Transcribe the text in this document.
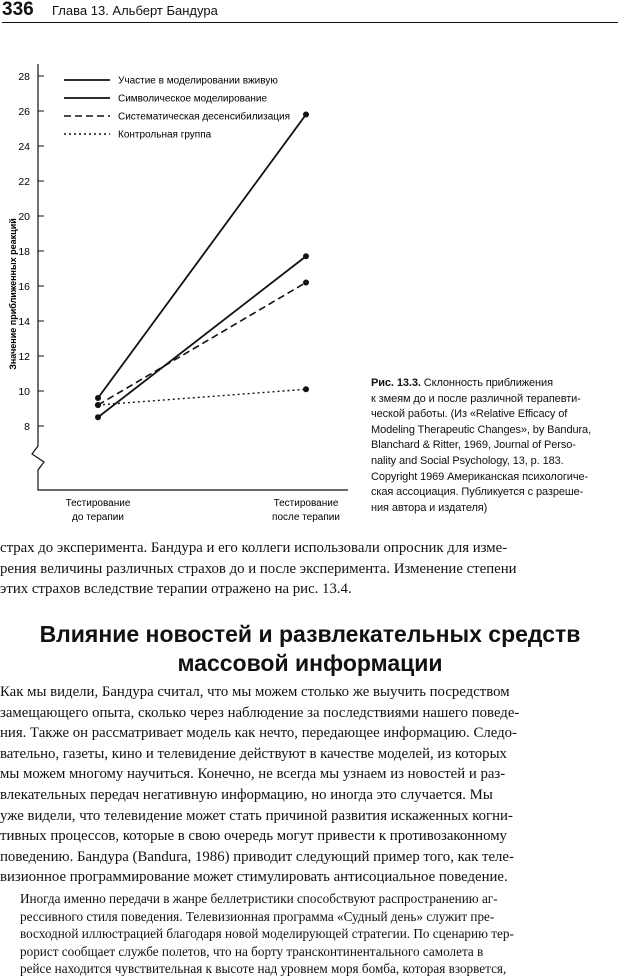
336 Глава 13. Альберт Бандура
8
10
12
14
16
18
20
22
24
26
28	Участие в моделировании вживую
Символическое моделирование
Систематическая десенсибилизация
Контрольная группа
Тестирование
до терапии
Тестирование
после терапии
Значение приближенных реакций
Рис. 13.3. Склонность приближения
к змеям до и после различной терапевти-
ческой работы. (Из «Relative Efficacy of
Modeling Therapeutic Changes», by Bandura,
Blanchard & Ritter, 1969, Journal of Perso-
nality and Social Psychology, 13, p. 183.
Copyright 1969 Американская психологиче-
ская ассоциация. Публикуется с разреше-
ния автора и издателя)
страх до эксперимента. Бандура и его коллеги использовали опросник для изме-
рения величины различных страхов до и после эксперимента. Изменение степени
этих страхов вследствие терапии отражено на рис. 13.4.
Влияние новостей и развлекательных средств
массовой информации
Как мы видели, Бандура считал, что мы можем столько же выучить посредством
замещающего опыта, сколько через наблюдение за последствиями нашего поведе-
ния. Также он рассматривает модель как нечто, передающее информацию. Следо-
вательно, газеты, кино и телевидение действуют в качестве моделей, из которых
мы можем многому научиться. Конечно, не всегда мы узнаем из новостей и раз-
влекательных передач негативную информацию, но иногда это случается. Мы
уже видели, что телевидение может стать причиной развития искаженных когни-
тивных процессов, которые в свою очередь могут привести к противозаконному
поведению. Бандура (Bandura, 1986) приводит следующий пример того, как теле-
визионное программирование может стимулировать антисоциальное поведение.
Иногда именно передачи в жанре беллетристики способствуют распространению аг-
рессивного стиля поведения. Телевизионная программа «Судный день» служит пре-
восходной иллюстрацией благодаря новой моделирующей стратегии. По сценарию тер-
рорист сообщает службе полетов, что на борту трансконтинентального самолета в
рейсе находится чувствительная к высоте над уровнем моря бомба, которая взорвется,
